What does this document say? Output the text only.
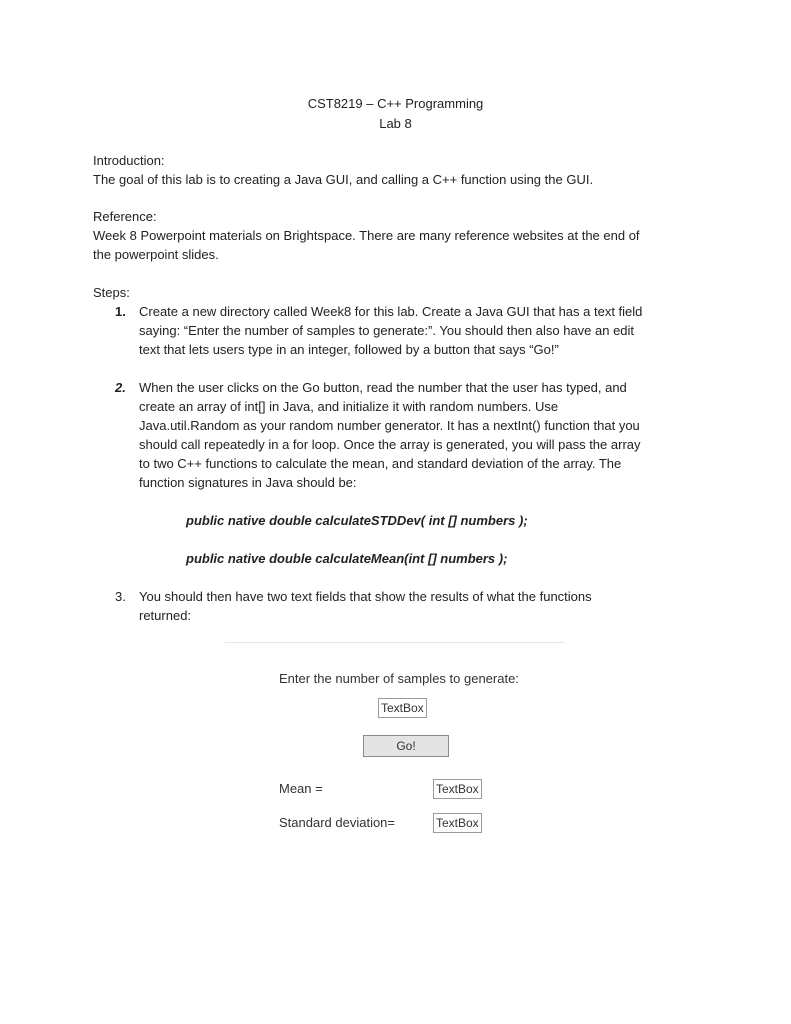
CST8219 – C++ Programming
Lab 8
Introduction:
The goal of this lab is to creating a Java GUI, and calling a C++ function using the GUI.
Reference:
Week 8 Powerpoint materials on Brightspace. There are many reference websites at the end of
the powerpoint slides.
Steps:
1.	Create a new directory called Week8 for this lab. Create a Java GUI that has a text field
saying: “Enter the number of samples to generate:”. You should then also have an edit
text that lets users type in an integer, followed by a button that says “Go!”
2.	When the user clicks on the Go button, read the number that the user has typed, and
create an array of int[] in Java, and initialize it with random numbers. Use
Java.util.Random as your random number generator. It has a nextInt() function that you
should call repeatedly in a for loop. Once the array is generated, you will pass the array
to two C++ functions to calculate the mean, and standard deviation of the array. The
function signatures in Java should be:
public native double calculateSTDDev( int [] numbers );
public native double calculateMean(int [] numbers );
3.	You should then have two text fields that show the results of what the functions
returned:
Enter the number of samples to generate:
TextBox
Go!
Mean =	TextBox
Standard deviation=	TextBox
